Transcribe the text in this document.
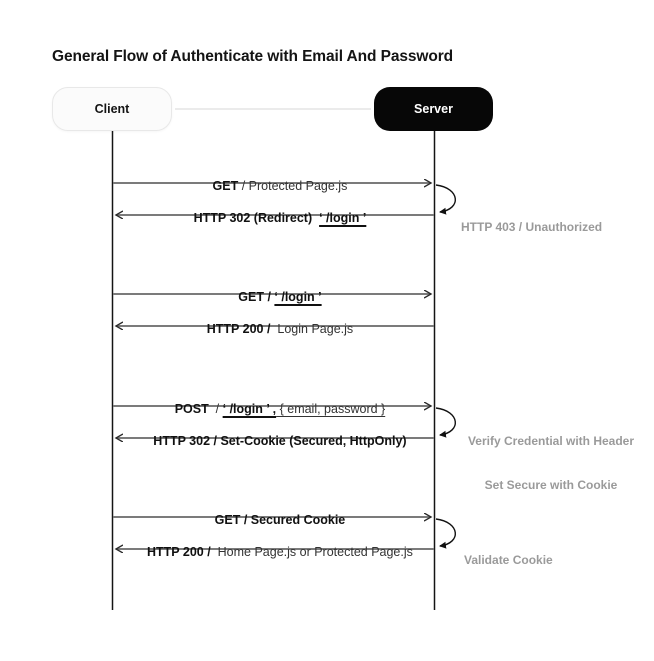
General Flow of Authenticate with Email And Password
Client	Server

GET / Protected Page.js

HTTP 302 (Redirect)  ‘ /login ’

GET / ‘ /login ’

HTTP 200 /  Login Page.js

POST  / ‘ /login ’ , { email, password }

HTTP 302 / Set-Cookie (Secured, HttpOnly)

GET / Secured Cookie

HTTP 200 /  Home Page.js or Protected Page.js

HTTP 403 / Unauthorized

Verify Credential with Header

Set Secure with Cookie

Validate Cookie
